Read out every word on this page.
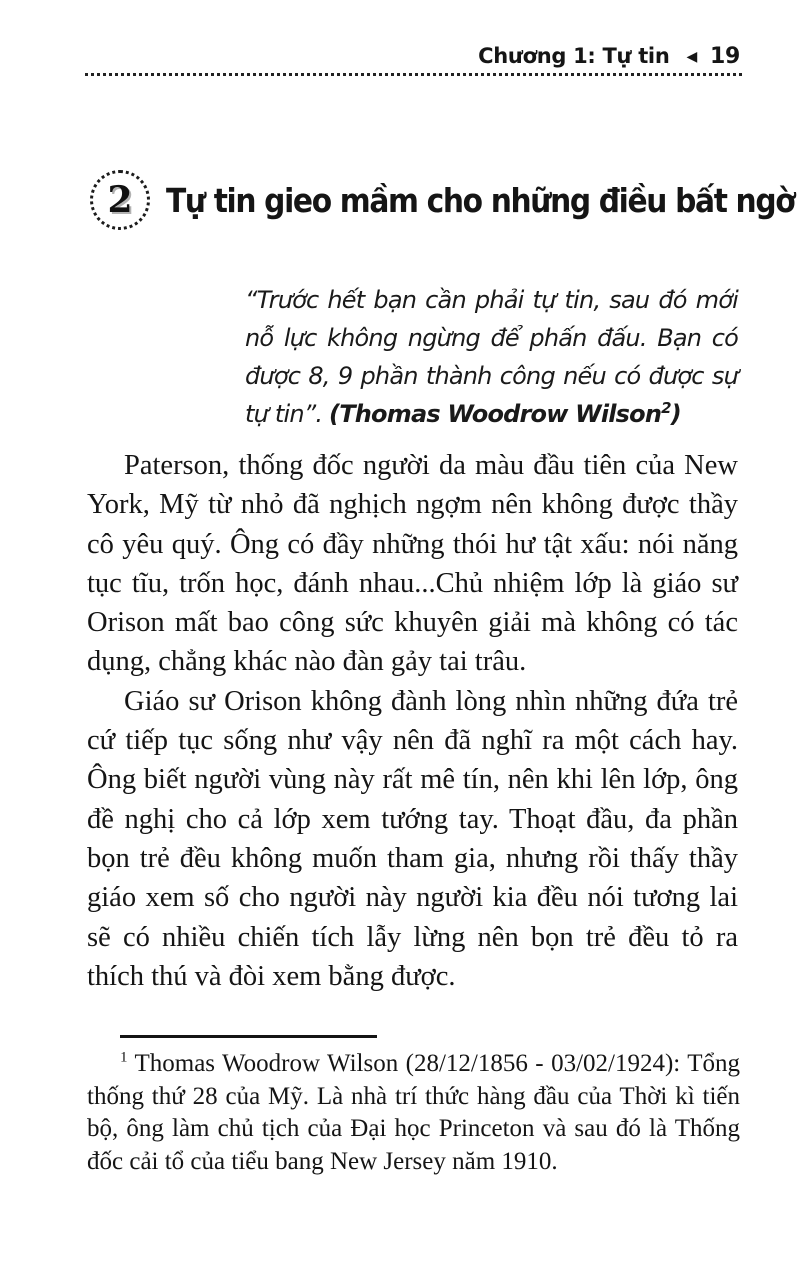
Chương 1: Tự tin ◀ 19
2 Tự tin gieo mầm cho những điều bất ngờ
“Trước hết bạn cần phải tự tin, sau đó mới nỗ lực không ngừng để phấn đấu. Bạn có được 8, 9 phần thành công nếu có được sự tự tin”. (Thomas Woodrow Wilson$^2$)

Paterson, thống đốc người da màu đầu tiên của New York, Mỹ từ nhỏ đã nghịch ngợm nên không được thầy cô yêu quý. Ông có đầy những thói hư tật xấu: nói năng tục tĩu, trốn học, đánh nhau...Chủ nhiệm lớp là giáo sư Orison mất bao công sức khuyên giải mà không có tác dụng, chẳng khác nào đàn gảy tai trâu.

Giáo sư Orison không đành lòng nhìn những đứa trẻ cứ tiếp tục sống như vậy nên đã nghĩ ra một cách hay. Ông biết người vùng này rất mê tín, nên khi lên lớp, ông đề nghị cho cả lớp xem tướng tay. Thoạt đầu, đa phần bọn trẻ đều không muốn tham gia, nhưng rồi thấy thầy giáo xem số cho người này người kia đều nói tương lai sẽ có nhiều chiến tích lẫy lừng nên bọn trẻ đều tỏ ra thích thú và đòi xem bằng được.

$^1$ Thomas Woodrow Wilson (28/12/1856 - 03/02/1924): Tổng thống thứ 28 của Mỹ. Là nhà trí thức hàng đầu của Thời kì tiến bộ, ông làm chủ tịch của Đại học Princeton và sau đó là Thống đốc cải tổ của tiểu bang New Jersey năm 1910.
